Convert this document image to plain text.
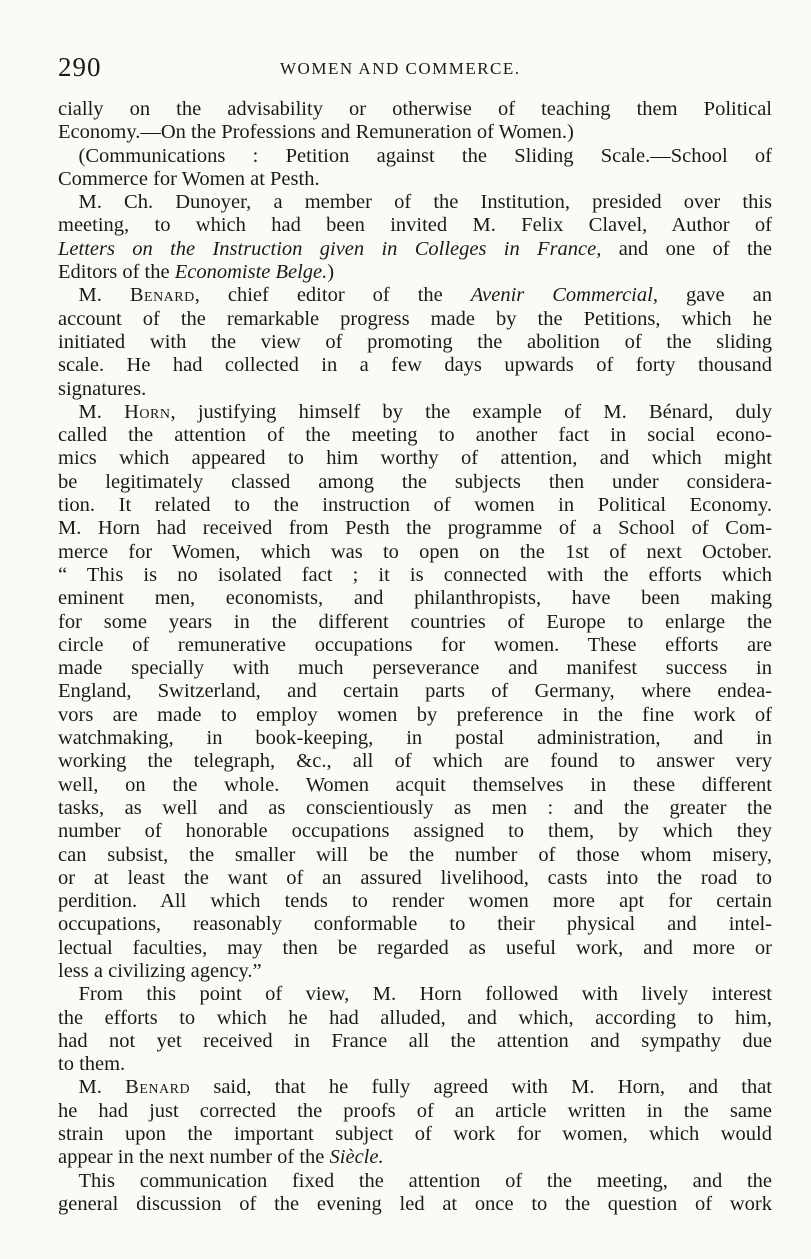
290	WOMEN AND COMMERCE.
cially on the advisability or otherwise of teaching them Political
Economy.—On the Professions and Remuneration of Women.)
 (Communications : Petition against the Sliding Scale.—School of
Commerce for Women at Pesth.
 M. Ch. Dunoyer, a member of the Institution, presided over this
meeting, to which had been invited M. Felix Clavel, Author of
Letters on the Instruction given in Colleges in France, and one of the
Editors of the Economiste Belge.)
 M. Benard, chief editor of the Avenir Commercial, gave an
account of the remarkable progress made by the Petitions, which he
initiated with the view of promoting the abolition of the sliding
scale. He had collected in a few days upwards of forty thousand
signatures.
 M. Horn, justifying himself by the example of M. Bénard, duly
called the attention of the meeting to another fact in social econo-
mics which appeared to him worthy of attention, and which might
be legitimately classed among the subjects then under considera-
tion. It related to the instruction of women in Political Economy.
M. Horn had received from Pesth the programme of a School of Com-
merce for Women, which was to open on the 1st of next October.
“ This is no isolated fact ; it is connected with the efforts which
eminent men, economists, and philanthropists, have been making
for some years in the different countries of Europe to enlarge the
circle of remunerative occupations for women. These efforts are
made specially with much perseverance and manifest success in
England, Switzerland, and certain parts of Germany, where endea-
vors are made to employ women by preference in the fine work of
watchmaking, in book-keeping, in postal administration, and in
working the telegraph, &c., all of which are found to answer very
well, on the whole. Women acquit themselves in these different
tasks, as well and as conscientiously as men : and the greater the
number of honorable occupations assigned to them, by which they
can subsist, the smaller will be the number of those whom misery,
or at least the want of an assured livelihood, casts into the road to
perdition. All which tends to render women more apt for certain
occupations, reasonably conformable to their physical and intel-
lectual faculties, may then be regarded as useful work, and more or
less a civilizing agency.”
 From this point of view, M. Horn followed with lively interest
the efforts to which he had alluded, and which, according to him,
had not yet received in France all the attention and sympathy due
to them.
 M. Benard said, that he fully agreed with M. Horn, and that
he had just corrected the proofs of an article written in the same
strain upon the important subject of work for women, which would
appear in the next number of the Siècle.
 This communication fixed the attention of the meeting, and the
general discussion of the evening led at once to the question of work
